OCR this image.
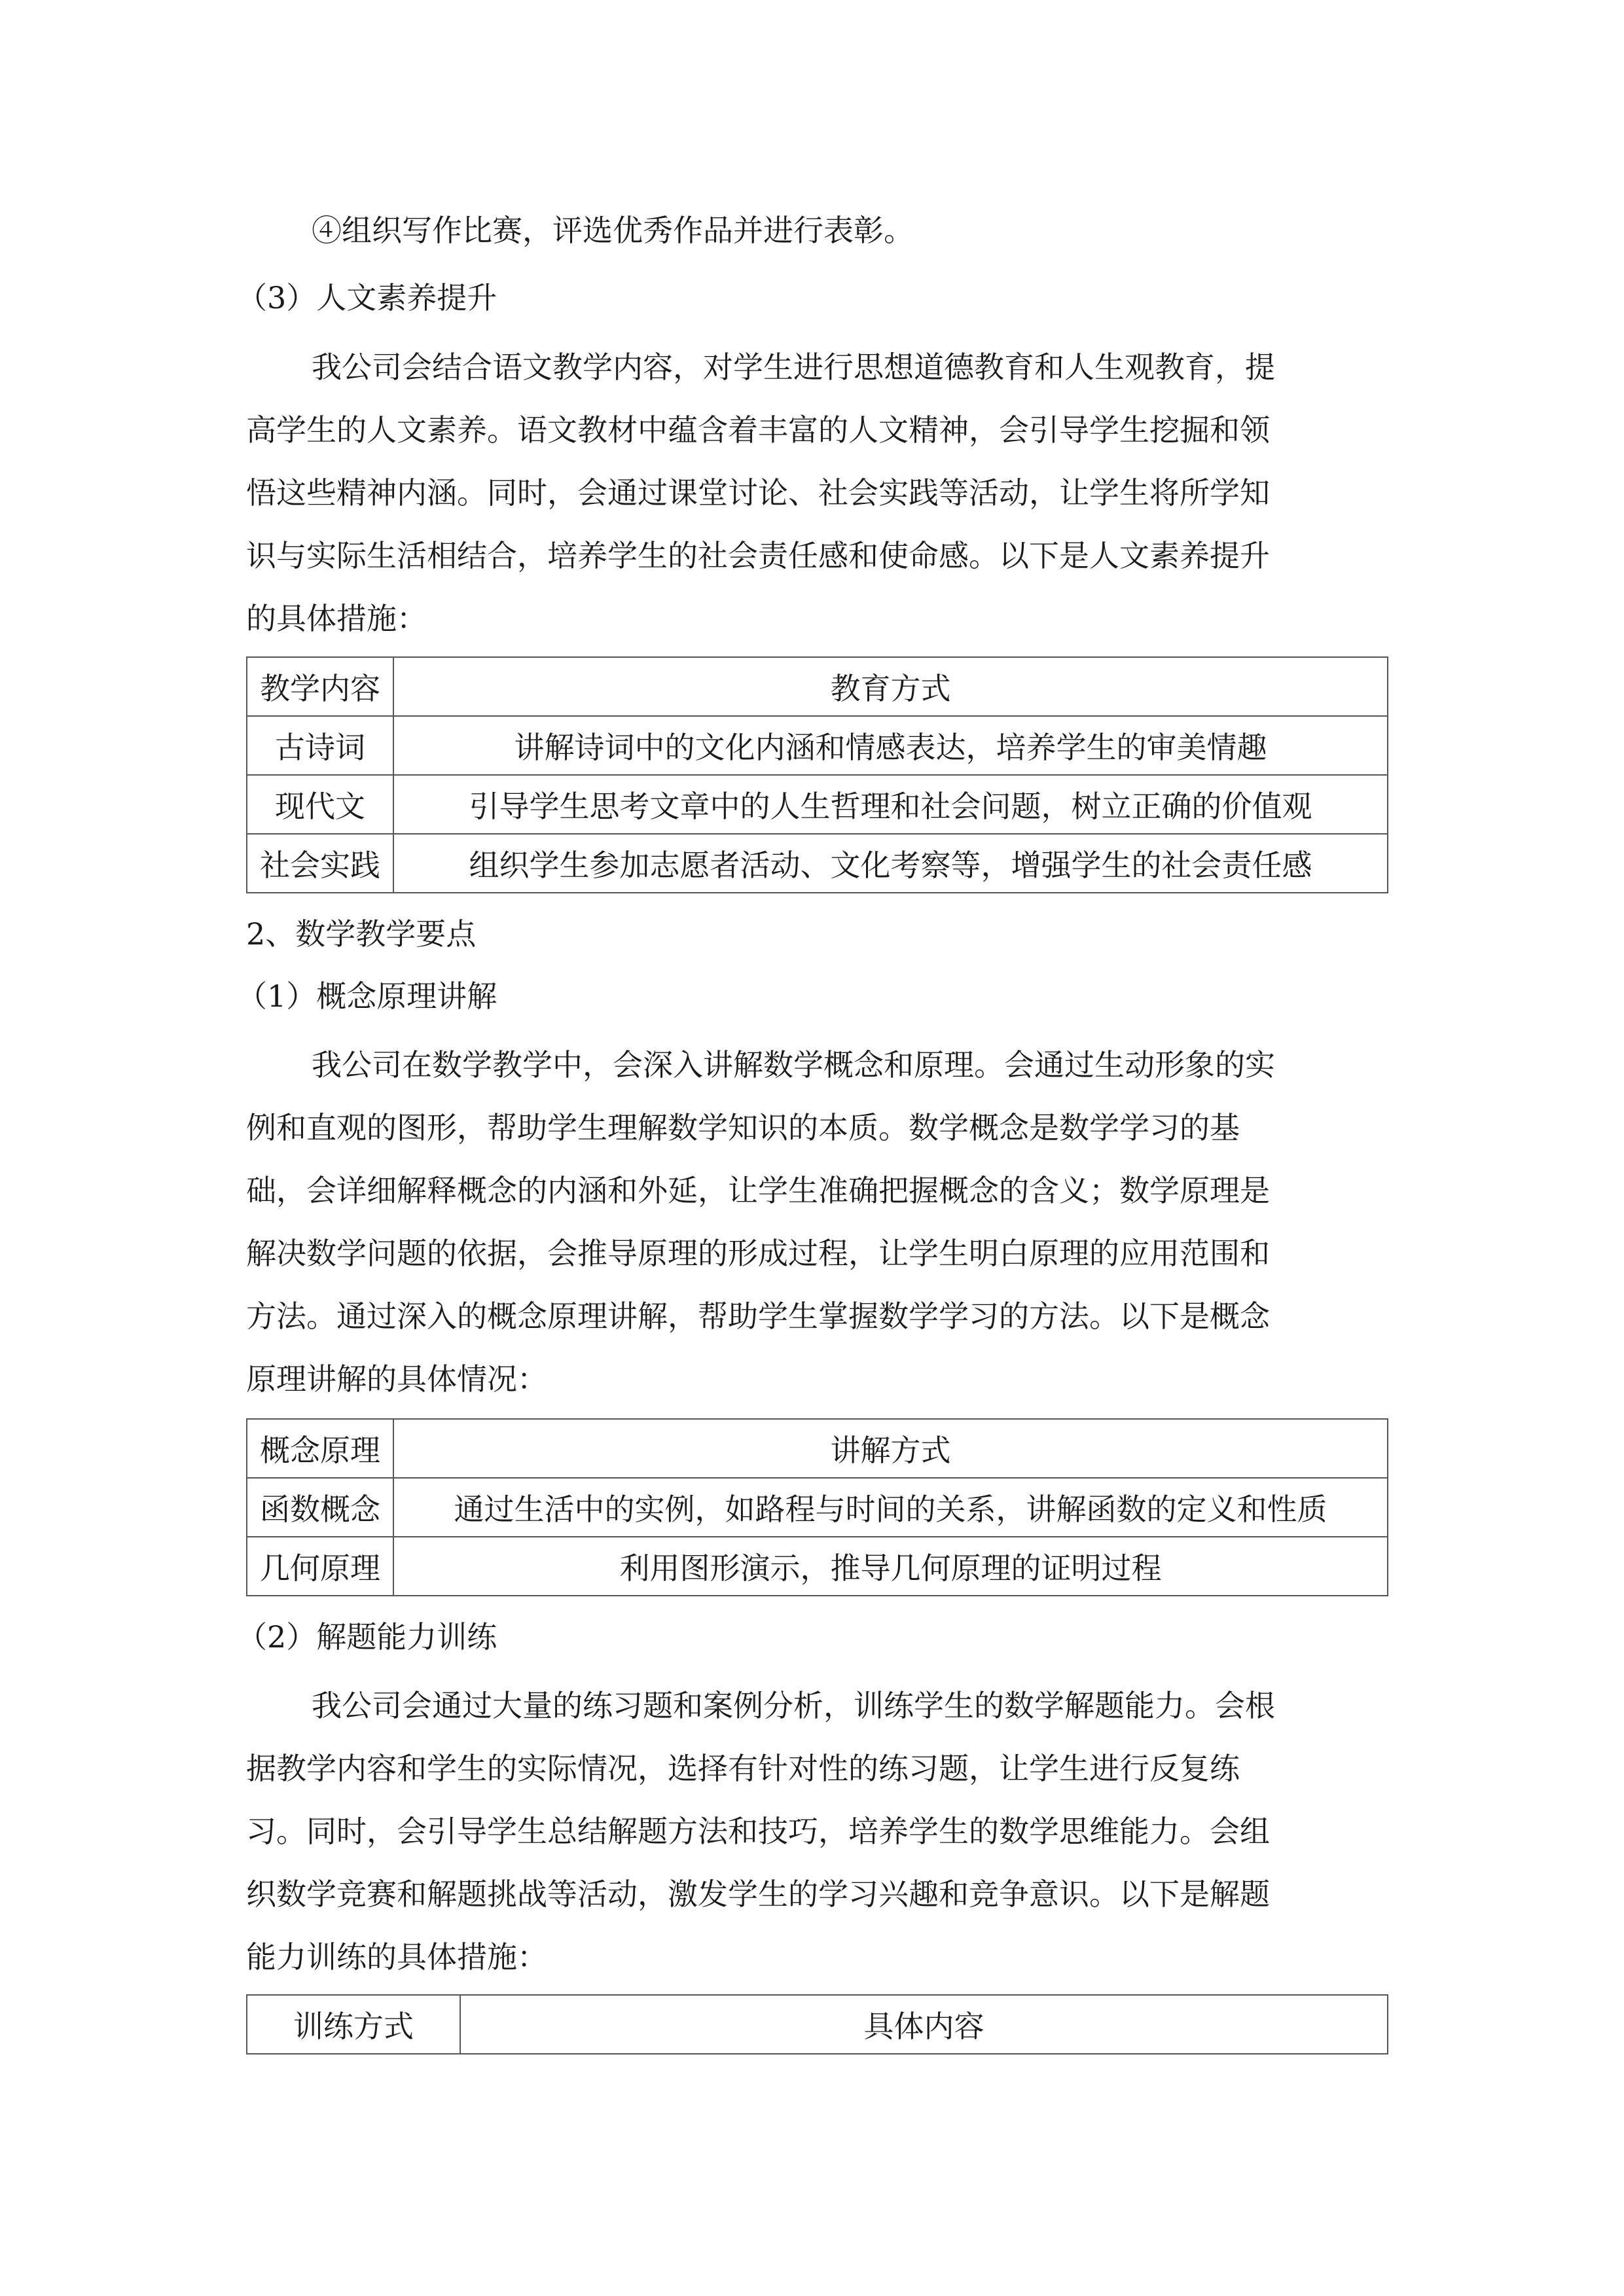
④组织写作比赛，评选优秀作品并进行表彰。
（3）人文素养提升
我公司会结合语文教学内容，对学生进行思想道德教育和人生观教育，提
高学生的人文素养。语文教材中蕴含着丰富的人文精神，会引导学生挖掘和领
悟这些精神内涵。同时，会通过课堂讨论、社会实践等活动，让学生将所学知
识与实际生活相结合，培养学生的社会责任感和使命感。以下是人文素养提升
的具体措施：
教学内容	教育方式
古诗词	讲解诗词中的文化内涵和情感表达，培养学生的审美情趣
现代文	引导学生思考文章中的人生哲理和社会问题，树立正确的价值观
社会实践	组织学生参加志愿者活动、文化考察等，增强学生的社会责任感
2、数学教学要点
（1）概念原理讲解
我公司在数学教学中，会深入讲解数学概念和原理。会通过生动形象的实
例和直观的图形，帮助学生理解数学知识的本质。数学概念是数学学习的基
础，会详细解释概念的内涵和外延，让学生准确把握概念的含义；数学原理是
解决数学问题的依据，会推导原理的形成过程，让学生明白原理的应用范围和
方法。通过深入的概念原理讲解，帮助学生掌握数学学习的方法。以下是概念
原理讲解的具体情况：
概念原理	讲解方式
函数概念	通过生活中的实例，如路程与时间的关系，讲解函数的定义和性质
几何原理	利用图形演示，推导几何原理的证明过程
（2）解题能力训练
我公司会通过大量的练习题和案例分析，训练学生的数学解题能力。会根
据教学内容和学生的实际情况，选择有针对性的练习题，让学生进行反复练
习。同时，会引导学生总结解题方法和技巧，培养学生的数学思维能力。会组
织数学竞赛和解题挑战等活动，激发学生的学习兴趣和竞争意识。以下是解题
能力训练的具体措施：
训练方式	具体内容
